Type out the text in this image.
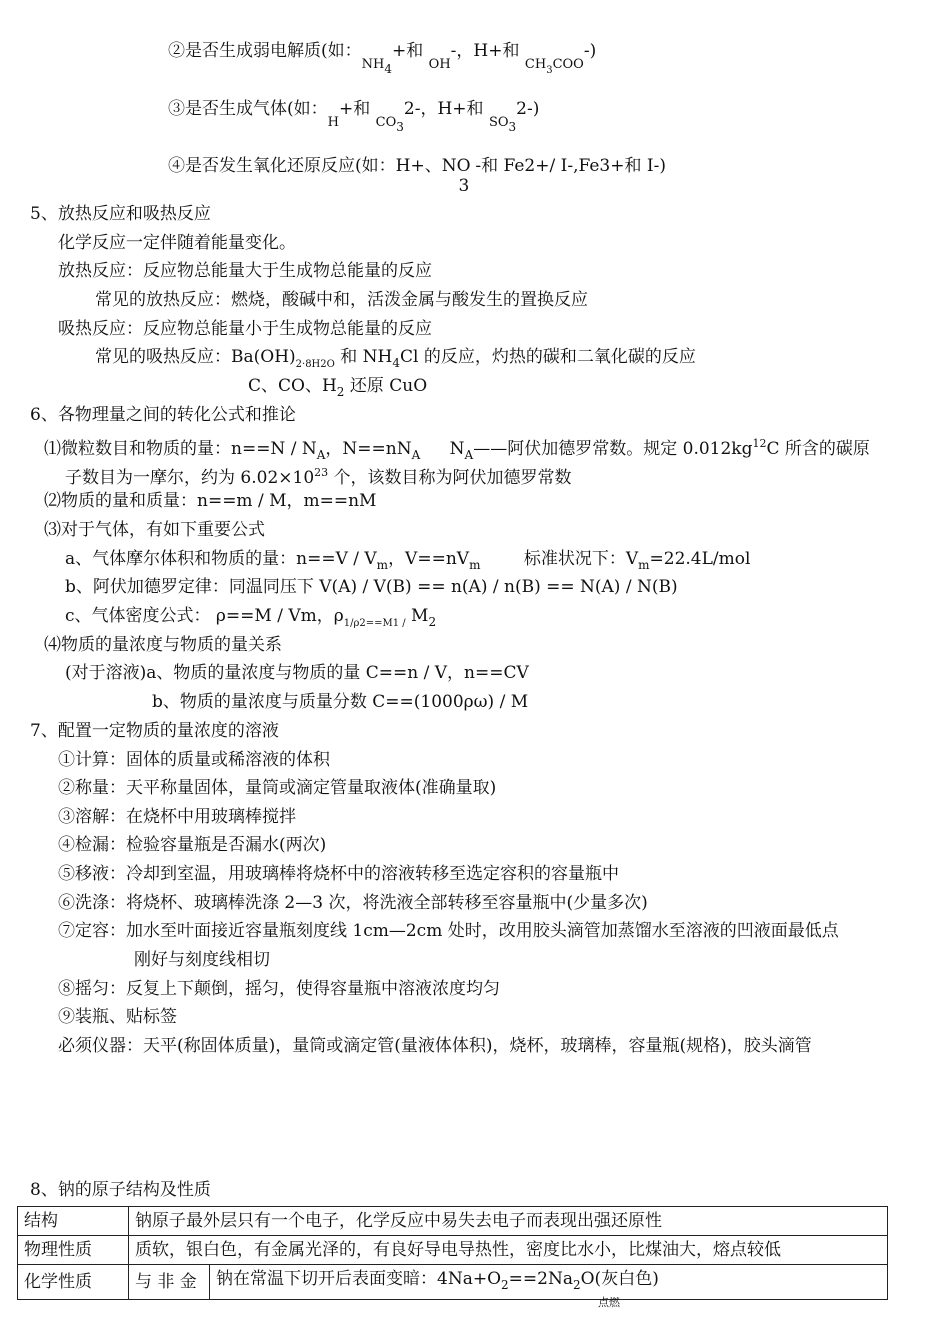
②是否生成弱电解质(如：$_{NH4}$+和 $_{OH}$-，H+和 $_{CH_3COO}$-)
③是否生成气体(如：$_H$+和 $_{CO3}$2-，H+和 $_{SO3}$2-)
④是否发生氧化还原反应(如：H+、NO3-和 Fe2+/ I-,Fe3+和 I-)
5、放热反应和吸热反应
化学反应一定伴随着能量变化。
放热反应：反应物总能量大于生成物总能量的反应
常见的放热反应：燃烧，酸碱中和，活泼金属与酸发生的置换反应
吸热反应：反应物总能量小于生成物总能量的反应
常见的吸热反应：$Ba(OH)_{2\cdot 8H2O}$ 和 $NH_4Cl$ 的反应，灼热的碳和二氧化碳的反应
C、CO、$H_2$ 还原 CuO
6、各物理量之间的转化公式和推论
⑴微粒数目和物质的量：$n==N / N_A$，$N==nN_A$ $N_A——$阿伏加德罗常数。规定 $0.012kg^{12}C$ 所含的碳原
子数目为一摩尔，约为 $6.02\times 10^{23}$ 个，该数目称为阿伏加德罗常数
⑵物质的量和质量：n==m / M，m==nM
⑶对于气体，有如下重要公式
a、气体摩尔体积和物质的量：$n==V / V_m$，$V==nV_m$	标准状况下：$V_m=22.4L$/mol
b、阿伏加德罗定律：同温同压下 V(A) / V(B) == n(A) / n(B) == N(A) / N(B)
c、气体密度公式： ρ==M / Vm，$\rho_{1/\rho 2==M1 /}$ $M_2$
⑷物质的量浓度与物质的量关系
(对于溶液)a、物质的量浓度与物质的量 C==n / V，n==CV
b、物质的量浓度与质量分数 C==(1000ρω) / M
7、配置一定物质的量浓度的溶液
①计算：固体的质量或稀溶液的体积
②称量：天平称量固体，量筒或滴定管量取液体(准确量取)
③溶解：在烧杯中用玻璃棒搅拌
④检漏：检验容量瓶是否漏水(两次)
⑤移液：冷却到室温，用玻璃棒将烧杯中的溶液转移至选定容积的容量瓶中
⑥洗涤：将烧杯、玻璃棒洗涤 2—3 次，将洗液全部转移至容量瓶中(少量多次)
⑦定容：加水至叶面接近容量瓶刻度线 1cm—2cm 处时，改用胶头滴管加蒸馏水至溶液的凹液面最低点
刚好与刻度线相切
⑧摇匀：反复上下颠倒，摇匀，使得容量瓶中溶液浓度均匀
⑨装瓶、贴标签
必须仪器：天平(称固体质量)，量筒或滴定管(量液体体积)，烧杯，玻璃棒，容量瓶(规格)，胶头滴管
8、钠的原子结构及性质
结构	钠原子最外层只有一个电子，化学反应中易失去电子而表现出强还原性	
物理性质	质软，银白色，有金属光泽的，有良好导电导热性，密度比水小，比煤油大，熔点较低	
化学性质	与 非 金	钠在常温下切开后表面变暗：$4Na+O_2==2Na_2O$(灰白色)
点燃
